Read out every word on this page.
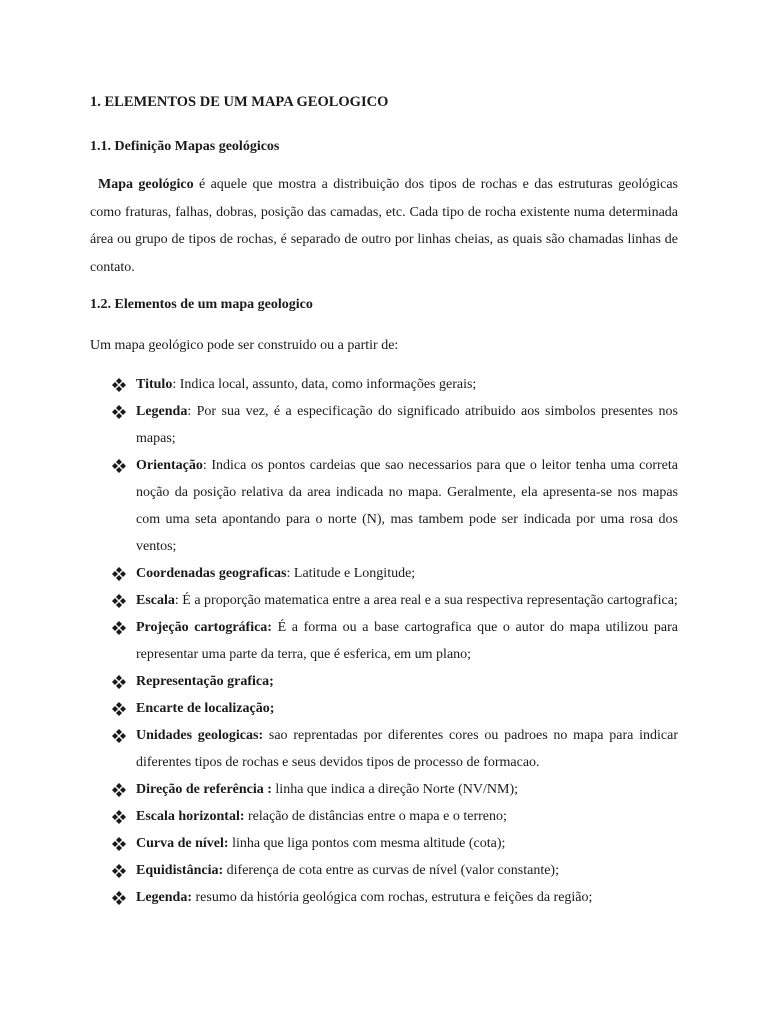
1. ELEMENTOS DE UM MAPA GEOLOGICO

1.1. Definição Mapas geológicos

Mapa geológico é aquele que mostra a distribuição dos tipos de rochas e das estruturas geológicas como fraturas, falhas, dobras, posição das camadas, etc. Cada tipo de rocha existente numa determinada área ou grupo de tipos de rochas, é separado de outro por linhas cheias, as quais são chamadas linhas de contato.

1.2. Elementos de um mapa geologico

Um mapa geológico pode ser construido ou a partir de:

Titulo: Indica local, assunto, data, como informações gerais;
Legenda: Por sua vez, é a especificação do significado atribuido aos simbolos presentes nos mapas;
Orientação: Indica os pontos cardeias que sao necessarios para que o leitor tenha uma correta noção da posição relativa da area indicada no mapa. Geralmente, ela apresenta-se nos mapas com uma seta apontando para o norte (N), mas tambem pode ser indicada por uma rosa dos ventos;
Coordenadas geograficas: Latitude e Longitude;
Escala: É a proporção matematica entre a area real e a sua respectiva representação cartografica;
Projeção cartográfica: É a forma ou a base cartografica que o autor do mapa utilizou para representar uma parte da terra, que é esferica, em um plano;
Representação grafica;
Encarte de localização;
Unidades geologicas: sao reprentadas por diferentes cores ou padroes no mapa para indicar diferentes tipos de rochas e seus devidos tipos de processo de formacao.
Direção de referência : linha que indica a direção Norte (NV/NM);
Escala horizontal: relação de distâncias entre o mapa e o terreno;
Curva de nível: linha que liga pontos com mesma altitude (cota);
Equidistância: diferença de cota entre as curvas de nível (valor constante);
Legenda: resumo da história geológica com rochas, estrutura e feições da região;
